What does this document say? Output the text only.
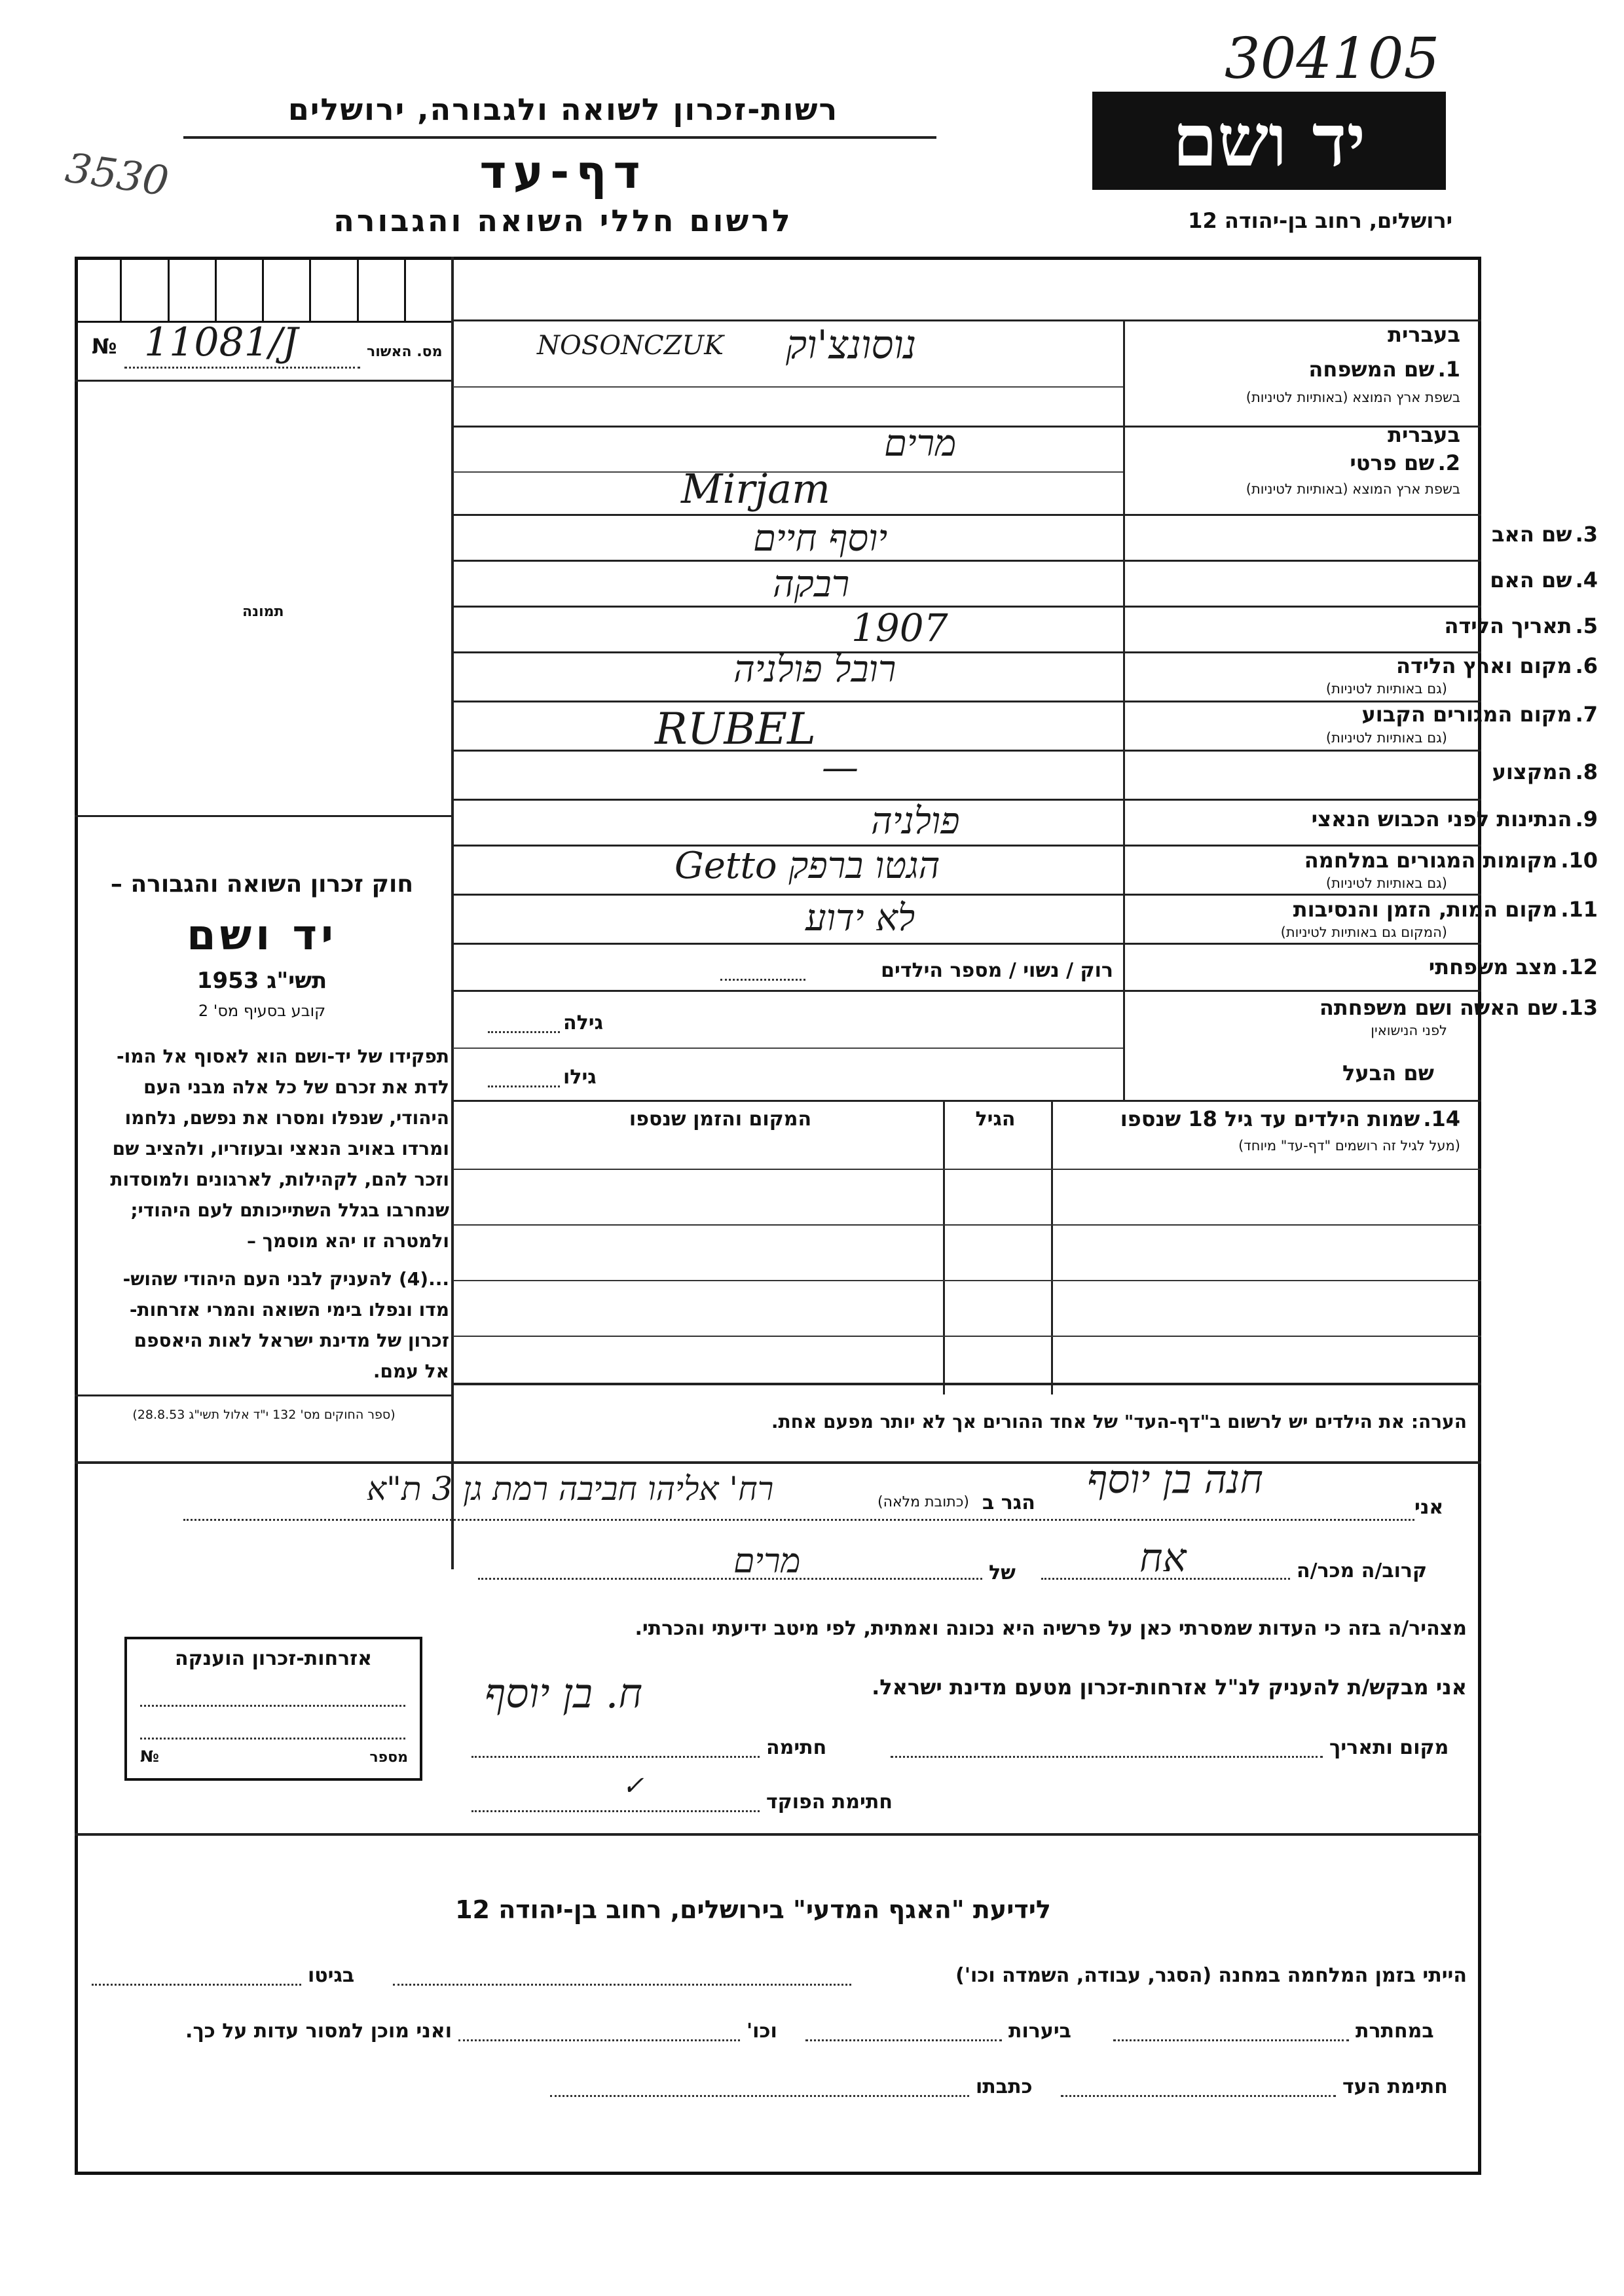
304105
3530
רשות-זכרון לשואה ולגבורה, ירושלים
דף-עד
לרשום חללי השואה והגבורה
יד ושם
ירושלים, רחוב בן-יהודה 12
№ 11081/J	מס. האשור
תמונה
חוק זכרון השואה והגבורה –
יד ושם
תשי"ג 1953
קובע בסעיף מס' 2
תפקידו של יד-ושם הוא לאסוף אל המו-
לדת את זכרם של כל אלה מבני העם
היהודי, שנפלו ומסרו את נפשם, נלחמו
ומרדו באויב הנאצי ובעוזריו, ולהציב שם
וזכר להם, לקהילות, לארגונים ולמוסדות
שנחרבו בגלל השתייכותם לעם היהודי;
ולמטרה זו יהא מוסמך –
...(4) להעניק לבני העם היהודי שהוש-
מדו ונפלו בימי השואה והמרי אזרחות-
זכרון של מדינת ישראל לאות היאספם
אל עמם.
(ספר החוקים מס' 132 י"ד אלול תשי"ג 28.8.53)
בעברית
1. שם המשפחה
בשפת ארץ המוצא (באותיות לטיניות)
נוסונצ'וק
NOSONCZUK
בעברית
2. שם פרטי
בשפת ארץ המוצא (באותיות לטיניות)
מרים
Mirjam
3. שם האב
יוסף חיים
4. שם האם
רבקה
5. תאריך הלידה
1907
6. מקום וארץ הלידה
(גם באותיות לטיניות)
רובל פולניה
7. מקום המגורים הקבוע
(גם באותיות לטיניות)
RUBEL
8. המקצוע
—
9. הנתינות לפני הכבוש הנאצי
פולניה
10. מקומות המגורים במלחמה
(גם באותיות לטיניות)
הגטו ברפק Getto
11. מקום המות, הזמן והנסיבות
(המקום גם באותיות לטיניות)
לא ידוע
12. מצב משפחתי
רוק / נשוי / מספר הילדים
13. שם האשה ושם משפחתה
לפני הנישואין
גילה
שם הבעל
גילו
14. שמות הילדים עד גיל 18 שנספו
(מעל לגיל זה רושמים "דף-עד" מיוחד)
הגיל
המקום והזמן שנספו
הערה: את הילדים יש לרשום ב"דף-העד" של אחד ההורים אך לא יותר מפעם אחת.
אני
חנה בן יוסף
הגר ב
(כתובת מלאה)
רח' אליהו חביבה רמת גן 3 ת"א
קרוב/ה מכר/ה
אח
של
מרים
מצהיר/ה בזה כי העדות שמסרתי כאן על פרשיה היא נכונה ואמתית, לפי מיטב ידיעתי והכרתי.
אני מבקש/ת להעניק לנ"ל אזרחות-זכרון מטעם מדינת ישראל.
מקום ותאריך
חתימה
ח. בן יוסף
חתימת הפוקד
✓
אזרחות-זכרון הוענקה
מספר
№
לידיעת "האגף המדעי" בירושלים, רחוב בן-יהודה 12
הייתי בזמן המלחמה במחנה (הסגר, עבודה, השמדה וכו')
בגיטו
במחתרת
ביערות
וכו'
ואני מוכן למסור עדות על כך.
חתימת העד
כתבתו
